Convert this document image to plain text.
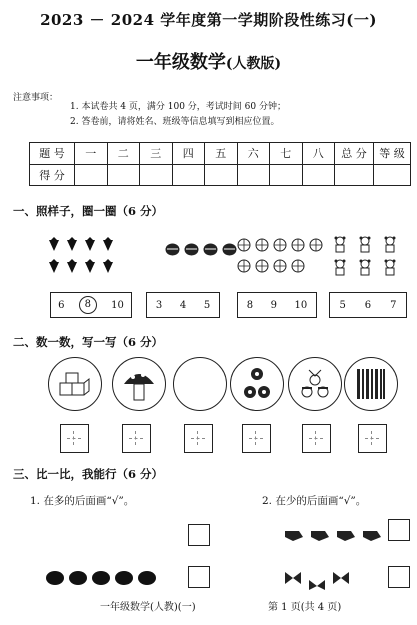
2023 － 2024 学年度第一学期阶段性练习(一)
一年级数学(人教版)
注意事项：
1. 本试卷共 4 页，满分 100 分，考试时间 60 分钟；
2. 答卷前，请将姓名、班级等信息填写到相应位置。
题 号	一	二	三	四	五	六	七	八	总 分	等 级
得 分										
一、照样子，圈一圈（6 分）
6	8	10	3 4 5	8 9 10	5 6 7
二、数一数，写一写（6 分）
三、比一比，我能行（6 分）
1. 在多的后面画“√”。	2. 在少的后面画“√”。
一年级数学(人教)(一)	第 1 页(共 4 页)
